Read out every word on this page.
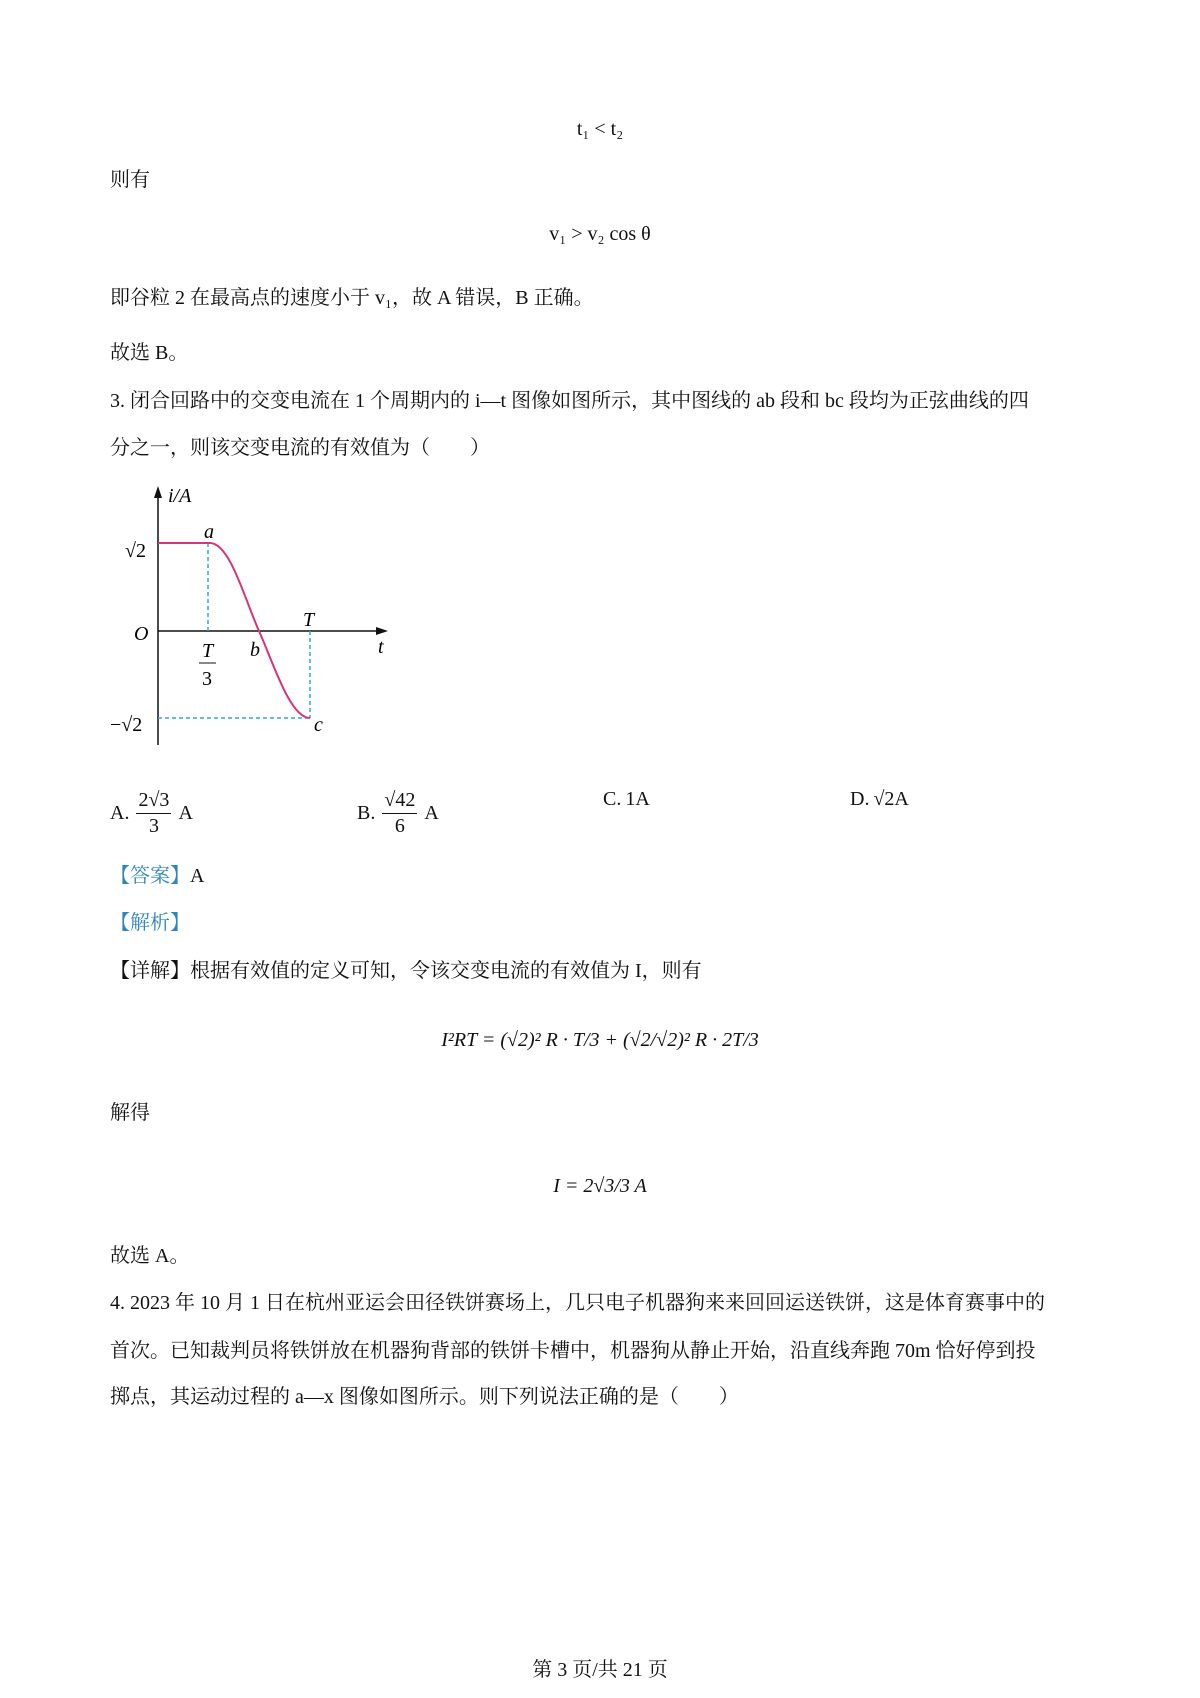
t₁ < t₂
则有
v₁ > v₂ cos θ
即谷粒 2 在最高点的速度小于 v₁，故 A 错误，B 正确。
故选 B。
3. 闭合回路中的交变电流在 1 个周期内的 i—t 图像如图所示，其中图线的 ab 段和 bc 段均为正弦曲线的四
分之一，则该交变电流的有效值为（　　）
i/A
a
√2
O
T
t
T
3
b
−√2	c
A. $\frac{2√3}{3}$ A	B. $\frac{√42}{6}$ A
C. 1A	D. √2A
【答案】A
【解析】
【详解】根据有效值的定义可知，令该交变电流的有效值为 I，则有
I²RT = (√2)² R · T/3 + (√2/√2)² R · 2T/3
解得
I = 2√3/3 A
故选 A。
4. 2023 年 10 月 1 日在杭州亚运会田径铁饼赛场上，几只电子机器狗来来回回运送铁饼，这是体育赛事中的
首次。已知裁判员将铁饼放在机器狗背部的铁饼卡槽中，机器狗从静止开始，沿直线奔跑 70m 恰好停到投
掷点，其运动过程的 a—x 图像如图所示。则下列说法正确的是（　　）
第 3 页/共 21 页
